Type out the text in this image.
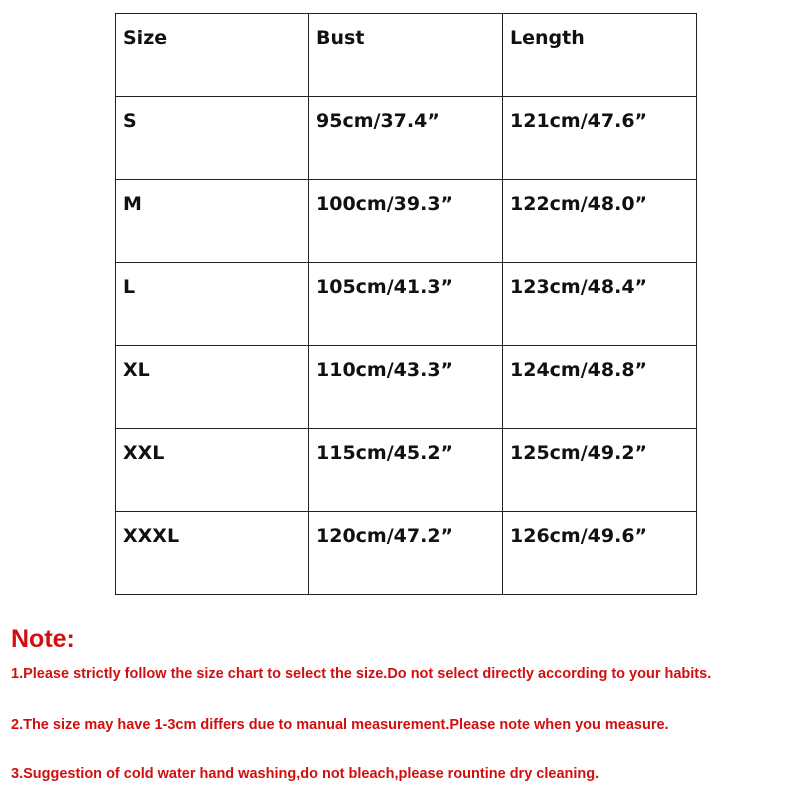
Size	Bust	Length
S	95cm/37.4”	121cm/47.6”
M	100cm/39.3”	122cm/48.0”
L	105cm/41.3”	123cm/48.4”
XL	110cm/43.3”	124cm/48.8”
XXL	115cm/45.2”	125cm/49.2”
XXXL	120cm/47.2”	126cm/49.6”

Note:

1.Please strictly follow the size chart to select the size.Do not select directly according to your habits.

2.The size may have 1-3cm differs due to manual measurement.Please note when you measure.

3.Suggestion of cold water hand washing,do not bleach,please rountine dry cleaning.
